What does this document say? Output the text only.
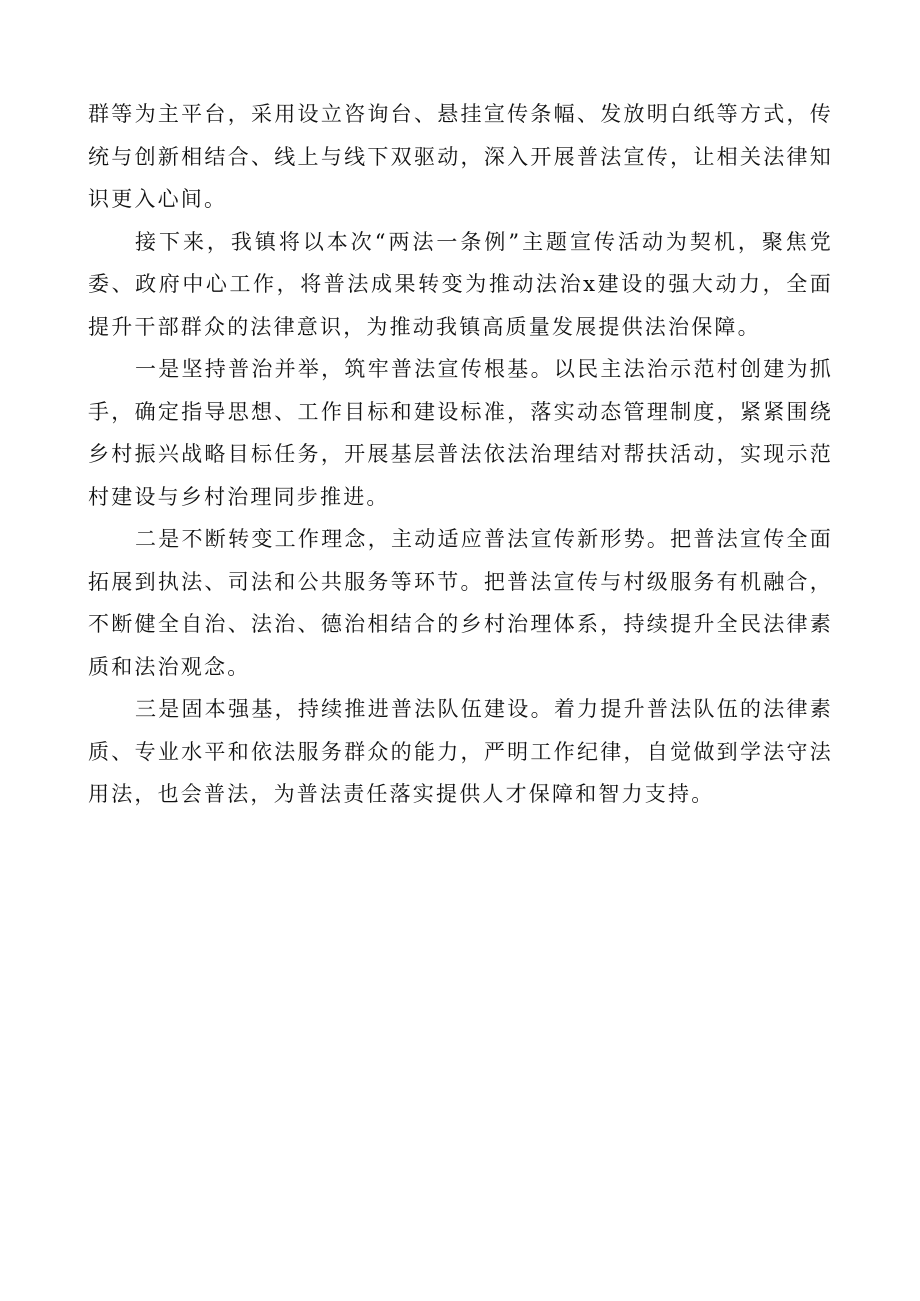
群等为主平台，采用设立咨询台、悬挂宣传条幅、发放明白纸等方式，传统与创新相结合、线上与线下双驱动，深入开展普法宣传，让相关法律知识更入心间。

接下来，我镇将以本次“两法一条例”主题宣传活动为契机，聚焦党委、政府中心工作，将普法成果转变为推动法治x建设的强大动力，全面提升干部群众的法律意识，为推动我镇高质量发展提供法治保障。

一是坚持普治并举，筑牢普法宣传根基。以民主法治示范村创建为抓手，确定指导思想、工作目标和建设标准，落实动态管理制度，紧紧围绕乡村振兴战略目标任务，开展基层普法依法治理结对帮扶活动，实现示范村建设与乡村治理同步推进。

二是不断转变工作理念，主动适应普法宣传新形势。把普法宣传全面拓展到执法、司法和公共服务等环节。把普法宣传与村级服务有机融合，不断健全自治、法治、德治相结合的乡村治理体系，持续提升全民法律素质和法治观念。

三是固本强基，持续推进普法队伍建设。着力提升普法队伍的法律素质、专业水平和依法服务群众的能力，严明工作纪律，自觉做到学法守法用法，也会普法，为普法责任落实提供人才保障和智力支持。
